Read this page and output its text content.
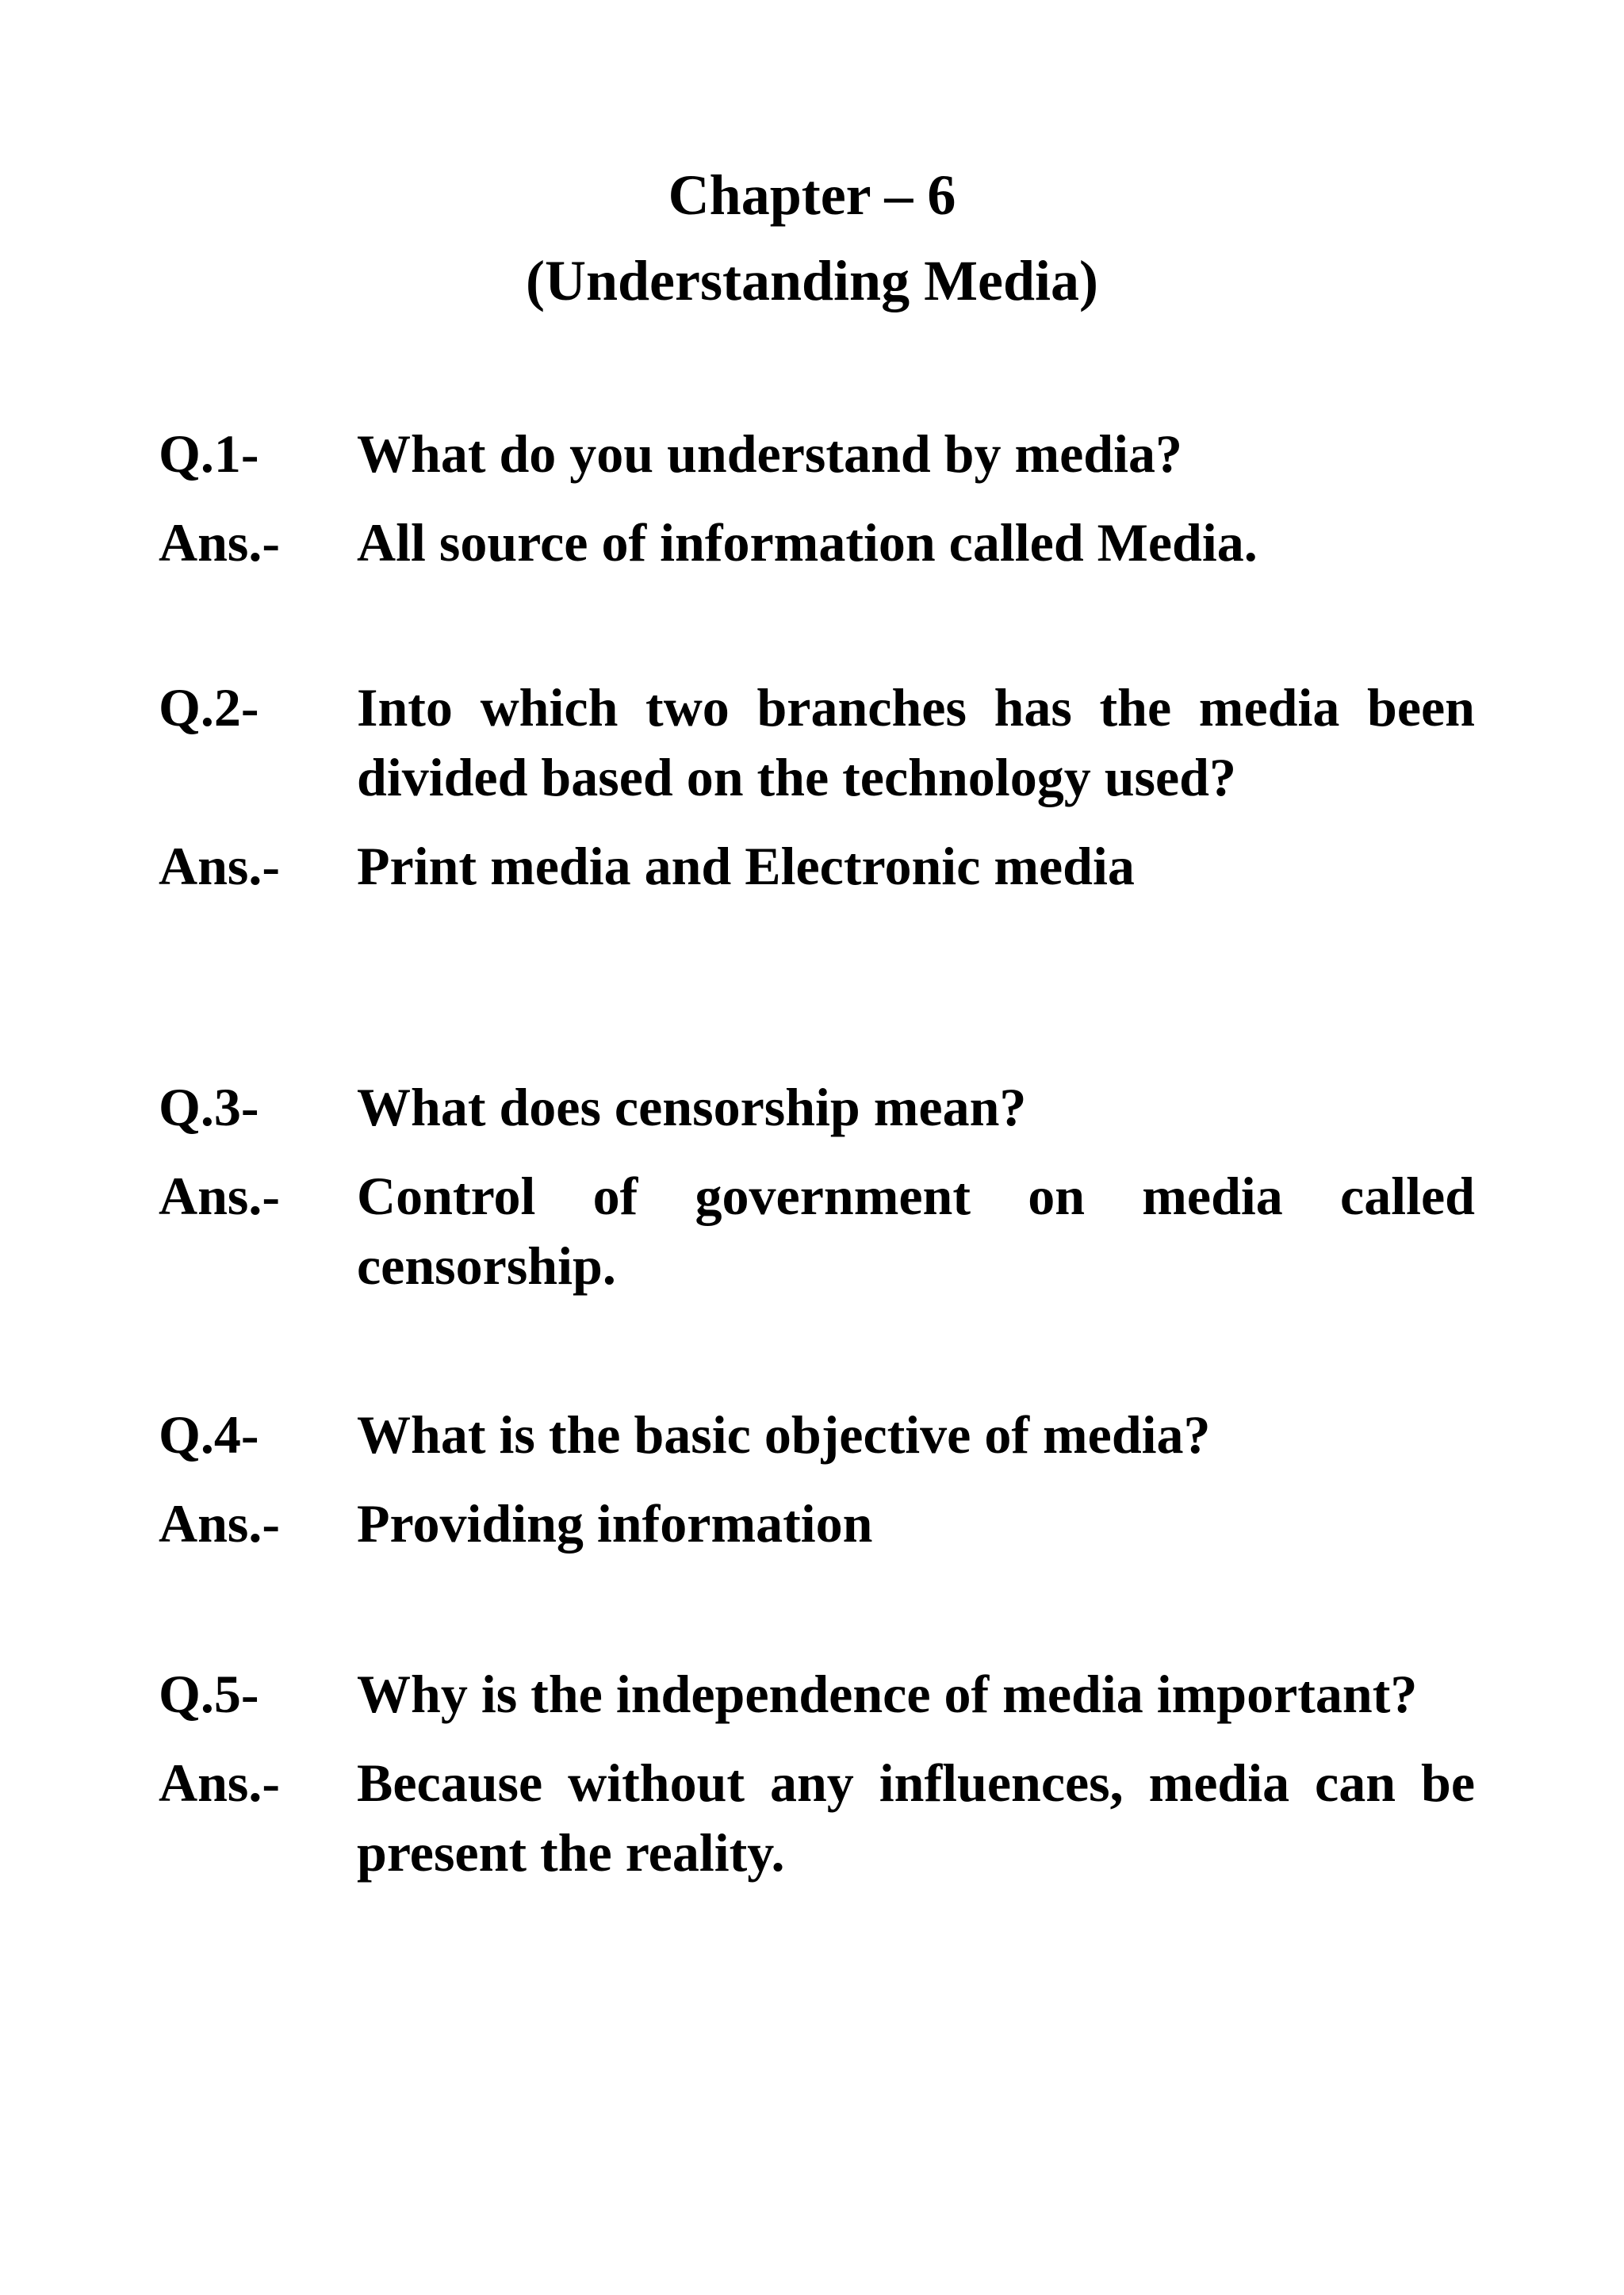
Chapter – 6
(Understanding Media)
Q.1-	What do you understand by media?
Ans.-	All source of information called Media.
Q.2-	Into which two branches has the media been divided based on the technology used?
Ans.-	Print media and Electronic media
Q.3-	What does censorship mean?
Ans.-	Control of government on media called censorship.
Q.4-	What is the basic objective of media?
Ans.-	Providing information
Q.5-	Why is the independence of media important?
Ans.-	Because without any influences, media can be present the reality.
